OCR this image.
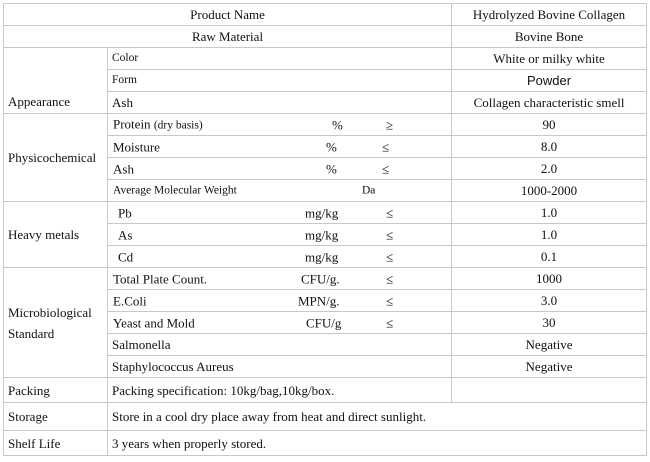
Product Name		Hydrolyzed Bovine Collagen
Raw Material		Bovine Bone
Appearance	Color	White or milky white
	Form	Powder
	Ash	Collagen characteristic smell
Physicochemical	Protein (dry basis) % ≥	90

	Moisture % ≤	8.0

	Ash % ≤	2.0

	Average Molecular Weight Da	1000-2000
Heavy metals	Pb mg/kg ≤	1.0

	As mg/kg ≤	1.0

	Cd mg/kg ≤	0.1

Microbiological
Standard	Total Plate Count. CFU/g. ≤	1000

	E.Coli MPN/g. ≤	3.0

	Yeast and Mold CFU/g ≤	30
	Salmonella	Negative
	Staphylococcus Aureus	Negative
Packing	Packing specification: 10kg/bag,10kg/box.	
Storage	Store in a cool dry place away from heat and direct sunlight.	
Shelf Life	3 years when properly stored.	
